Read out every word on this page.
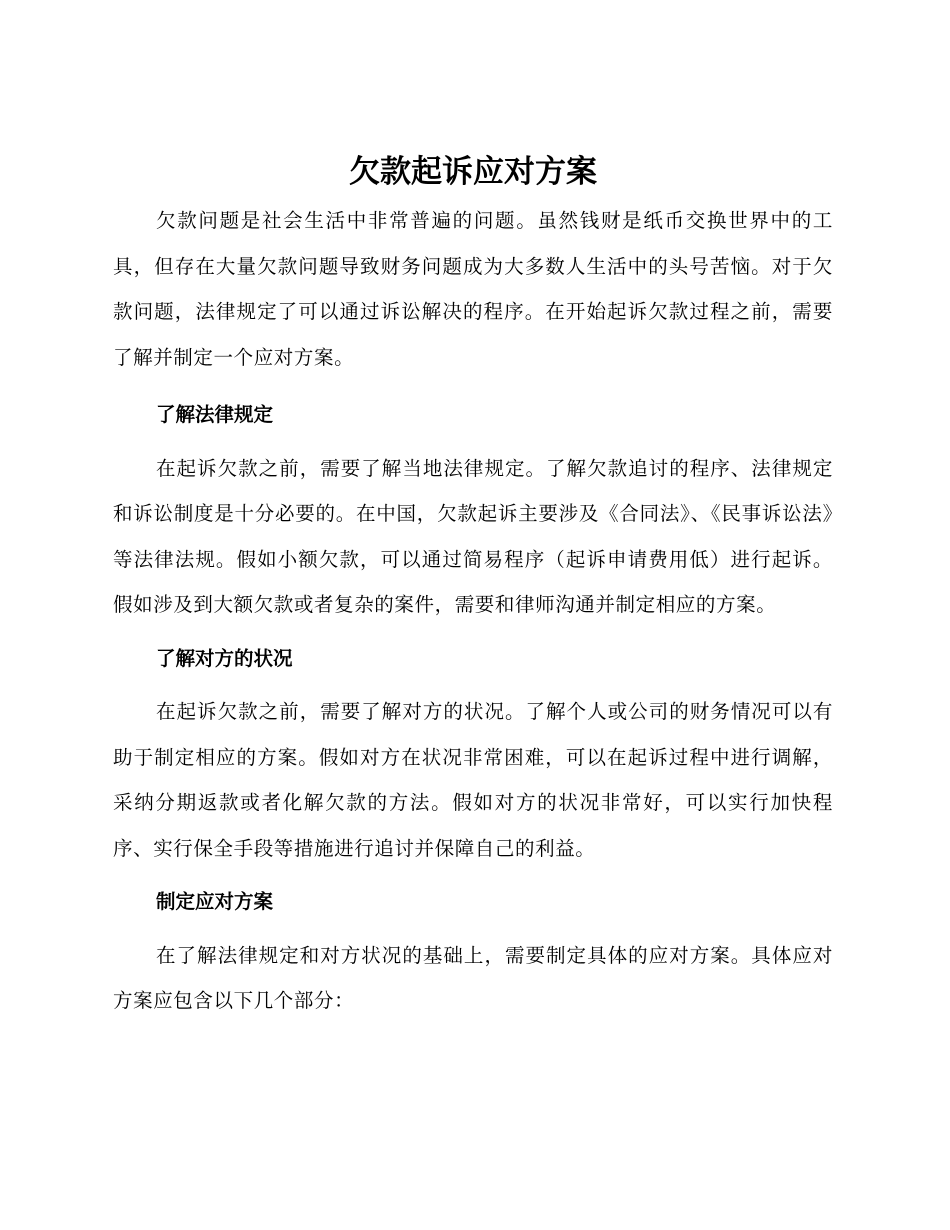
欠款起诉应对方案

欠款问题是社会生活中非常普遍的问题。虽然钱财是纸币交换世界中的工具，但存在大量欠款问题导致财务问题成为大多数人生活中的头号苦恼。对于欠款问题，法律规定了可以通过诉讼解决的程序。在开始起诉欠款过程之前，需要了解并制定一个应对方案。

了解法律规定

在起诉欠款之前，需要了解当地法律规定。了解欠款追讨的程序、法律规定和诉讼制度是十分必要的。在中国，欠款起诉主要涉及《合同法》、《民事诉讼法》等法律法规。假如小额欠款，可以通过简易程序（起诉申请费用低）进行起诉。假如涉及到大额欠款或者复杂的案件，需要和律师沟通并制定相应的方案。

了解对方的状况

在起诉欠款之前，需要了解对方的状况。了解个人或公司的财务情况可以有助于制定相应的方案。假如对方在状况非常困难，可以在起诉过程中进行调解，采纳分期返款或者化解欠款的方法。假如对方的状况非常好，可以实行加快程序、实行保全手段等措施进行追讨并保障自己的利益。

制定应对方案

在了解法律规定和对方状况的基础上，需要制定具体的应对方案。具体应对方案应包含以下几个部分：
